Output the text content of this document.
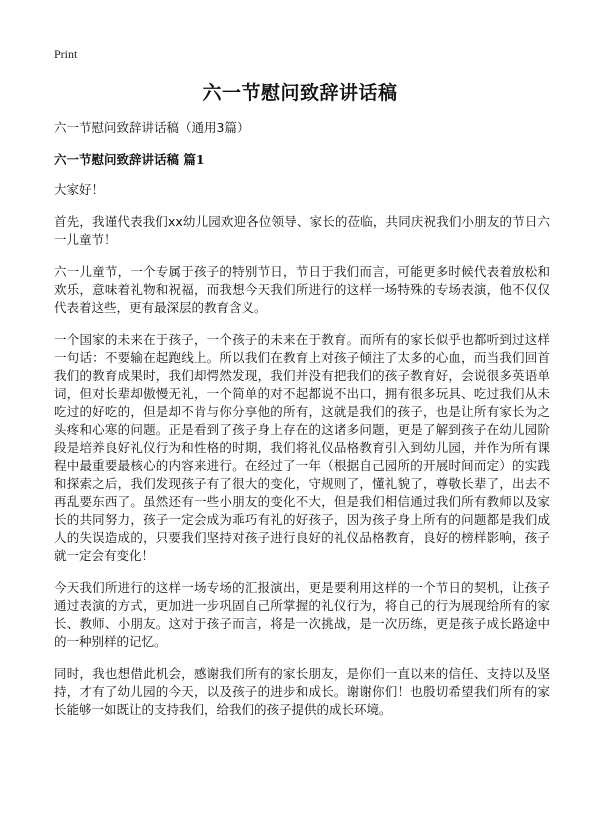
Print
六一节慰问致辞讲话稿

六一节慰问致辞讲话稿（通用3篇）

六一节慰问致辞讲话稿 篇1

大家好！

首先，我谨代表我们xx幼儿园欢迎各位领导、家长的莅临，共同庆祝我们小朋友的节日六一儿童节！

六一儿童节，一个专属于孩子的特别节日，节日于我们而言，可能更多时候代表着放松和欢乐，意味着礼物和祝福，而我想今天我们所进行的这样一场特殊的专场表演，他不仅仅代表着这些，更有最深层的教育含义。

一个国家的未来在于孩子，一个孩子的未来在于教育。而所有的家长似乎也都听到过这样一句话：不要输在起跑线上。所以我们在教育上对孩子倾注了太多的心血，而当我们回首我们的教育成果时，我们却愕然发现，我们并没有把我们的孩子教育好，会说很多英语单词，但对长辈却傲慢无礼，一个简单的对不起都说不出口，拥有很多玩具、吃过我们从未吃过的好吃的，但是却不肯与你分享他的所有，这就是我们的孩子，也是让所有家长为之头疼和心寒的问题。正是看到了孩子身上存在的这诸多问题，更是了解到孩子在幼儿园阶段是培养良好礼仪行为和性格的时期，我们将礼仪品格教育引入到幼儿园，并作为所有课程中最重要最核心的内容来进行。在经过了一年（根据自己园所的开展时间而定）的实践和探索之后，我们发现孩子有了很大的变化，守规则了，懂礼貌了，尊敬长辈了，出去不再乱要东西了。虽然还有一些小朋友的变化不大，但是我们相信通过我们所有教师以及家长的共同努力，孩子一定会成为乖巧有礼的好孩子，因为孩子身上所有的问题都是我们成人的失误造成的，只要我们坚持对孩子进行良好的礼仪品格教育，良好的榜样影响，孩子就一定会有变化！

今天我们所进行的这样一场专场的汇报演出，更是要利用这样的一个节日的契机，让孩子通过表演的方式，更加进一步巩固自己所掌握的礼仪行为，将自己的行为展现给所有的家长、教师、小朋友。这对于孩子而言，将是一次挑战，是一次历练，更是孩子成长路途中的一种别样的记忆。

同时，我也想借此机会，感谢我们所有的家长朋友，是你们一直以来的信任、支持以及坚持，才有了幼儿园的今天，以及孩子的进步和成长。谢谢你们！也殷切希望我们所有的家长能够一如既让的支持我们，给我们的孩子提供的成长环境。
